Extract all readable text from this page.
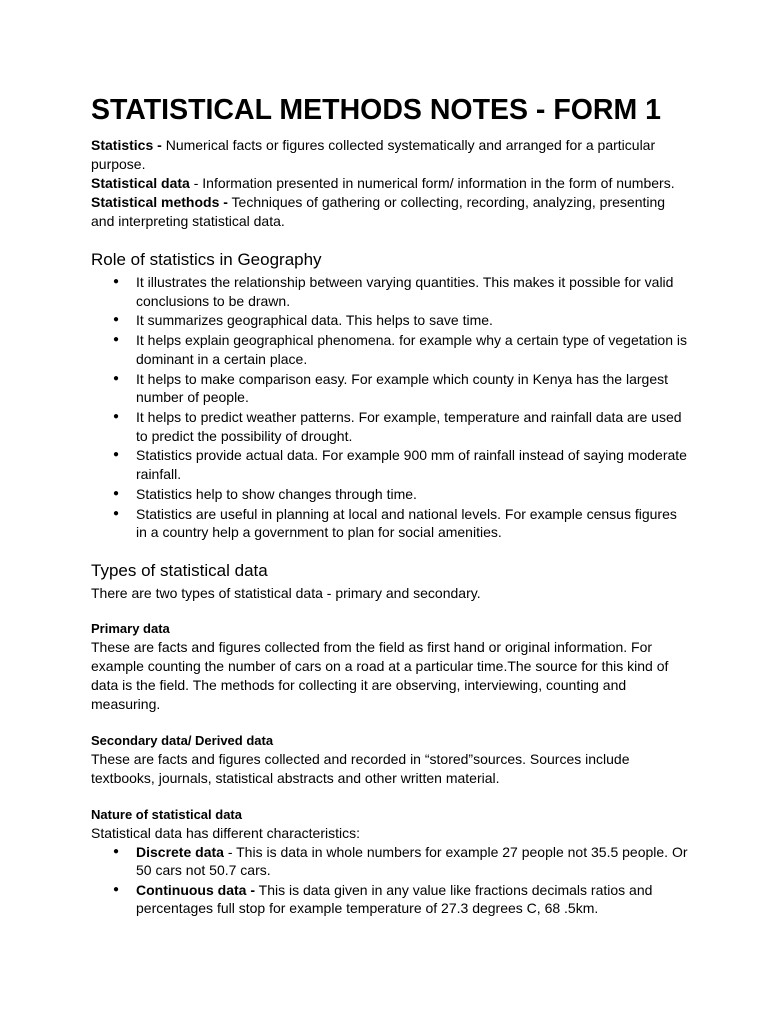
STATISTICAL METHODS NOTES - FORM 1

Statistics - Numerical facts or figures collected systematically and arranged for a particular purpose.

Statistical data - Information presented in numerical form/ information in the form of numbers.

Statistical methods - Techniques of gathering or collecting, recording, analyzing, presenting and interpreting statistical data.

Role of statistics in Geography
● It illustrates the relationship between varying quantities. This makes it possible for valid conclusions to be drawn.
● It summarizes geographical data. This helps to save time.
● It helps explain geographical phenomena. for example why a certain type of vegetation is dominant in a certain place.
● It helps to make comparison easy. For example which county in Kenya has the largest number of people.
● It helps to predict weather patterns. For example, temperature and rainfall data are used to predict the possibility of drought.
● Statistics provide actual data. For example 900 mm of rainfall instead of saying moderate rainfall.
● Statistics help to show changes through time.
● Statistics are useful in planning at local and national levels. For example census figures in a country help a government to plan for social amenities.
Types of statistical data

There are two types of statistical data - primary and secondary.

Primary data

These are facts and figures collected from the field as first hand or original information. For example counting the number of cars on a road at a particular time.The source for this kind of data is the field. The methods for collecting it are observing, interviewing, counting and measuring.

Secondary data/ Derived data

These are facts and figures collected and recorded in “stored”sources. Sources include textbooks, journals, statistical abstracts and other written material.

Nature of statistical data

Statistical data has different characteristics:

● Discrete data - This is data in whole numbers for example 27 people not 35.5 people. Or 50 cars not 50.7 cars.
● Continuous data - This is data given in any value like fractions decimals ratios and percentages full stop for example temperature of 27.3 degrees C, 68 .5km.
